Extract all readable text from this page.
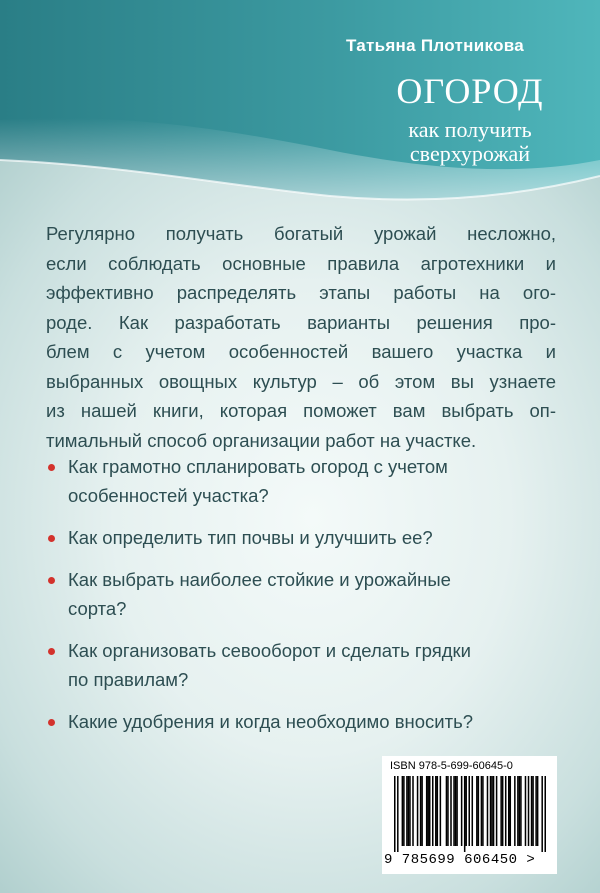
Татьяна Плотникова
ОГОРОД
как получить
сверхурожай

Регулярно получать богатый урожай несложно,
если соблюдать основные правила агротехники и
эффективно распределять этапы работы на ого-
роде. Как разработать варианты решения про-
блем с учетом особенностей вашего участка и
выбранных овощных культур – об этом вы узнаете
из нашей книги, которая поможет вам выбрать оп-
тимальный способ организации работ на участке.

Как грамотно спланировать огород с учетом
особенностей участка?
Как определить тип почвы и улучшить ее?
Как выбрать наиболее стойкие и урожайные
сорта?
Как организовать севооборот и сделать грядки
по правилам?
Какие удобрения и когда необходимо вносить?
ISBN 978-5-699-60645-0
9 785699 606450 >
